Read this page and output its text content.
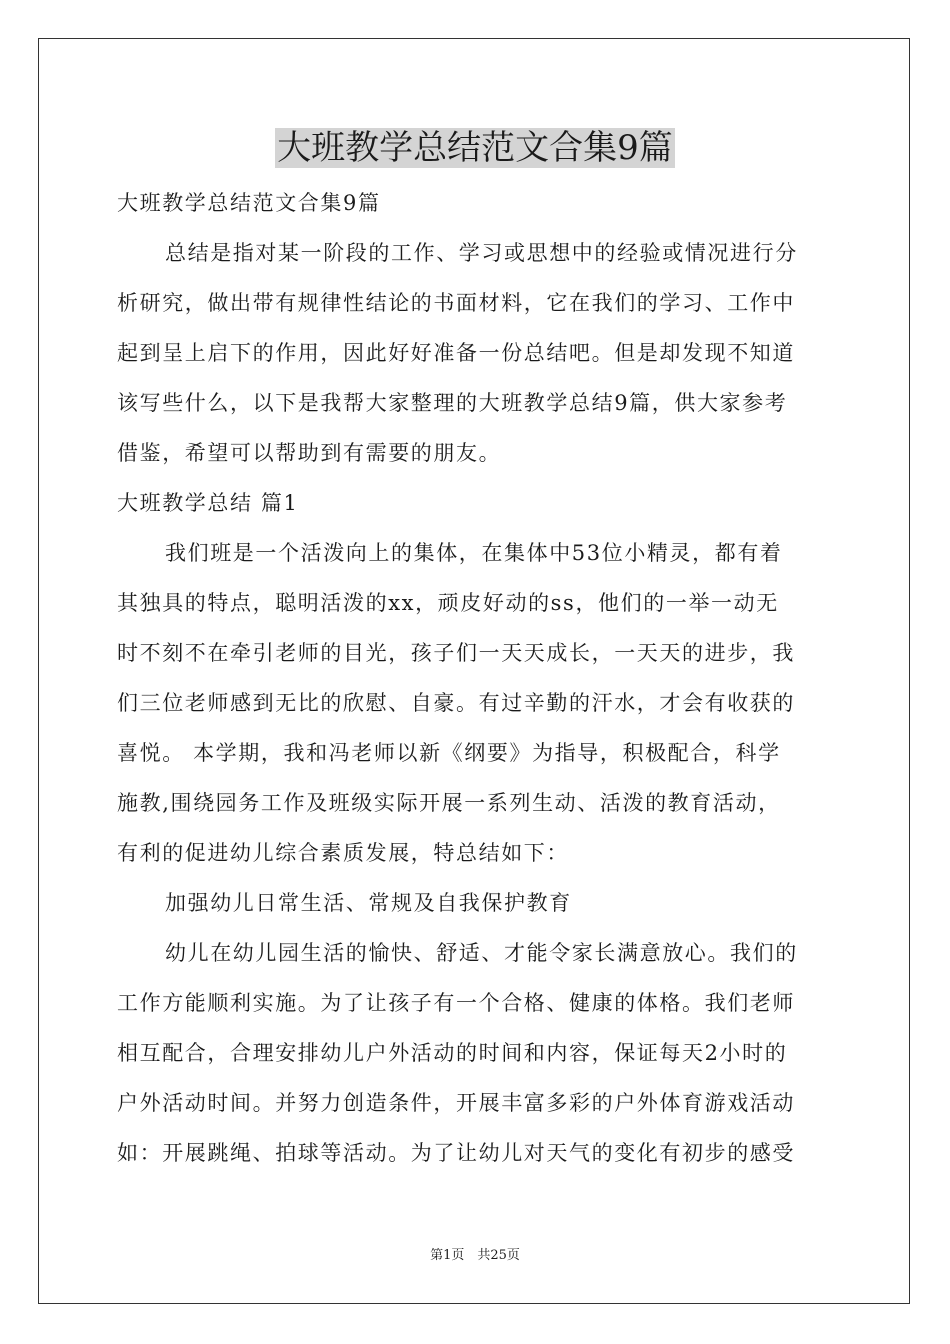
大班教学总结范文合集9篇

大班教学总结范文合集9篇

总结是指对某一阶段的工作、学习或思想中的经验或情况进行分

析研究，做出带有规律性结论的书面材料，它在我们的学习、工作中

起到呈上启下的作用，因此好好准备一份总结吧。但是却发现不知道

该写些什么，以下是我帮大家整理的大班教学总结9篇，供大家参考

借鉴，希望可以帮助到有需要的朋友。

大班教学总结 篇1

我们班是一个活泼向上的集体，在集体中53位小精灵，都有着

其独具的特点，聪明活泼的xx，顽皮好动的ss，他们的一举一动无

时不刻不在牵引老师的目光，孩子们一天天成长，一天天的进步，我

们三位老师感到无比的欣慰、自豪。有过辛勤的汗水，才会有收获的

喜悦。 本学期，我和冯老师以新《纲要》为指导，积极配合，科学

施教,围绕园务工作及班级实际开展一系列生动、活泼的教育活动，

有利的促进幼儿综合素质发展，特总结如下：

加强幼儿日常生活、常规及自我保护教育

幼儿在幼儿园生活的愉快、舒适、才能令家长满意放心。我们的

工作方能顺利实施。为了让孩子有一个合格、健康的体格。我们老师

相互配合，合理安排幼儿户外活动的时间和内容，保证每天2小时的

户外活动时间。并努力创造条件，开展丰富多彩的户外体育游戏活动

如：开展跳绳、拍球等活动。为了让幼儿对天气的变化有初步的感受

第1页　共25页
